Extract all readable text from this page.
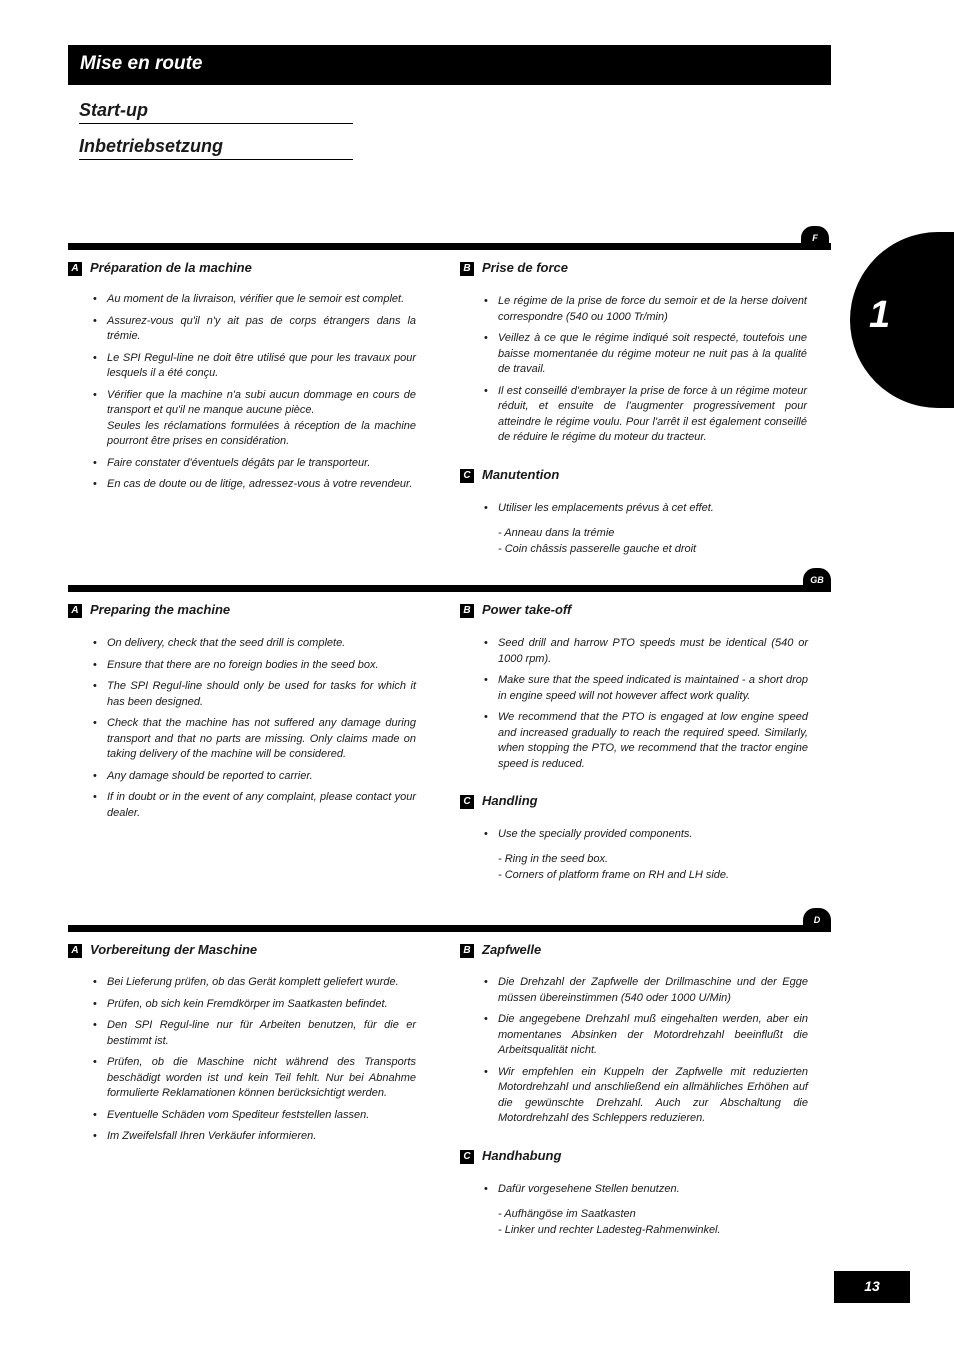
Mise en route
Start-up
Inbetriebsetzung
1
F
A Préparation de la machine
• Au moment de la livraison, vérifier que le semoir est complet.
• Assurez-vous qu'il n'y ait pas de corps étrangers dans la trémie.
• Le SPI Regul-line ne doit être utilisé que pour les travaux pour lesquels il a été conçu.
• Vérifier que la machine n'a subi aucun dommage en cours de transport et qu'il ne manque aucune pièce.
Seules les réclamations formulées à réception de la machine pourront être prises en considération.
• Faire constater d'éventuels dégâts par le transporteur.
• En cas de doute ou de litige, adressez-vous à votre revendeur.
B Prise de force
• Le régime de la prise de force du semoir et de la herse doivent correspondre (540 ou 1000 Tr/min)
• Veillez à ce que le régime indiqué soit respecté, toutefois une baisse momentanée du régime moteur ne nuit pas à la qualité de travail.
• Il est conseillé d'embrayer la prise de force à un régime moteur réduit, et ensuite de l'augmenter progressivement pour atteindre le régime voulu. Pour l'arrêt il est également conseillé de réduire le régime du moteur du tracteur.
C Manutention
• Utiliser les emplacements prévus à cet effet.
- Anneau dans la trémie
- Coin châssis passerelle gauche et droit
GB
A Preparing the machine
• On delivery, check that the seed drill is complete.
• Ensure that there are no foreign bodies in the seed box.
• The SPI Regul-line should only be used for tasks for which it has been designed.
• Check that the machine has not suffered any damage during transport and that no parts are missing. Only claims made on taking delivery of the machine will be considered.
• Any damage should be reported to carrier.
• If in doubt or in the event of any complaint, please contact your dealer.
B Power take-off
• Seed drill and harrow PTO speeds must be identical (540 or 1000 rpm).
• Make sure that the speed indicated is maintained - a short drop in engine speed will not however affect work quality.
• We recommend that the PTO is engaged at low engine speed and increased gradually to reach the required speed. Similarly, when stopping the PTO, we recommend that the tractor engine speed is reduced.
C Handling
• Use the specially provided components.
- Ring in the seed box.
- Corners of platform frame on RH and LH side.
D
A Vorbereitung der Maschine
• Bei Lieferung prüfen, ob das Gerät komplett geliefert wurde.
• Prüfen, ob sich kein Fremdkörper im Saatkasten befindet.
• Den SPI Regul-line nur für Arbeiten benutzen, für die er bestimmt ist.
• Prüfen, ob die Maschine nicht während des Transports beschädigt worden ist und kein Teil fehlt. Nur bei Abnahme formulierte Reklamationen können berücksichtigt werden.
• Eventuelle Schäden vom Spediteur feststellen lassen.
• Im Zweifelsfall Ihren Verkäufer informieren.
B Zapfwelle
• Die Drehzahl der Zapfwelle der Drillmaschine und der Egge müssen übereinstimmen (540 oder 1000 U/Min)
• Die angegebene Drehzahl muß eingehalten werden, aber ein momentanes Absinken der Motordrehzahl beeinflußt die Arbeitsqualität nicht.
• Wir empfehlen ein Kuppeln der Zapfwelle mit reduzierten Motordrehzahl und anschließend ein allmähliches Erhöhen auf die gewünschte Drehzahl. Auch zur Abschaltung die Motordrehzahl des Schleppers reduzieren.
C Handhabung
• Dafür vorgesehene Stellen benutzen.
- Aufhängöse im Saatkasten
- Linker und rechter Ladesteg-Rahmenwinkel.
13
